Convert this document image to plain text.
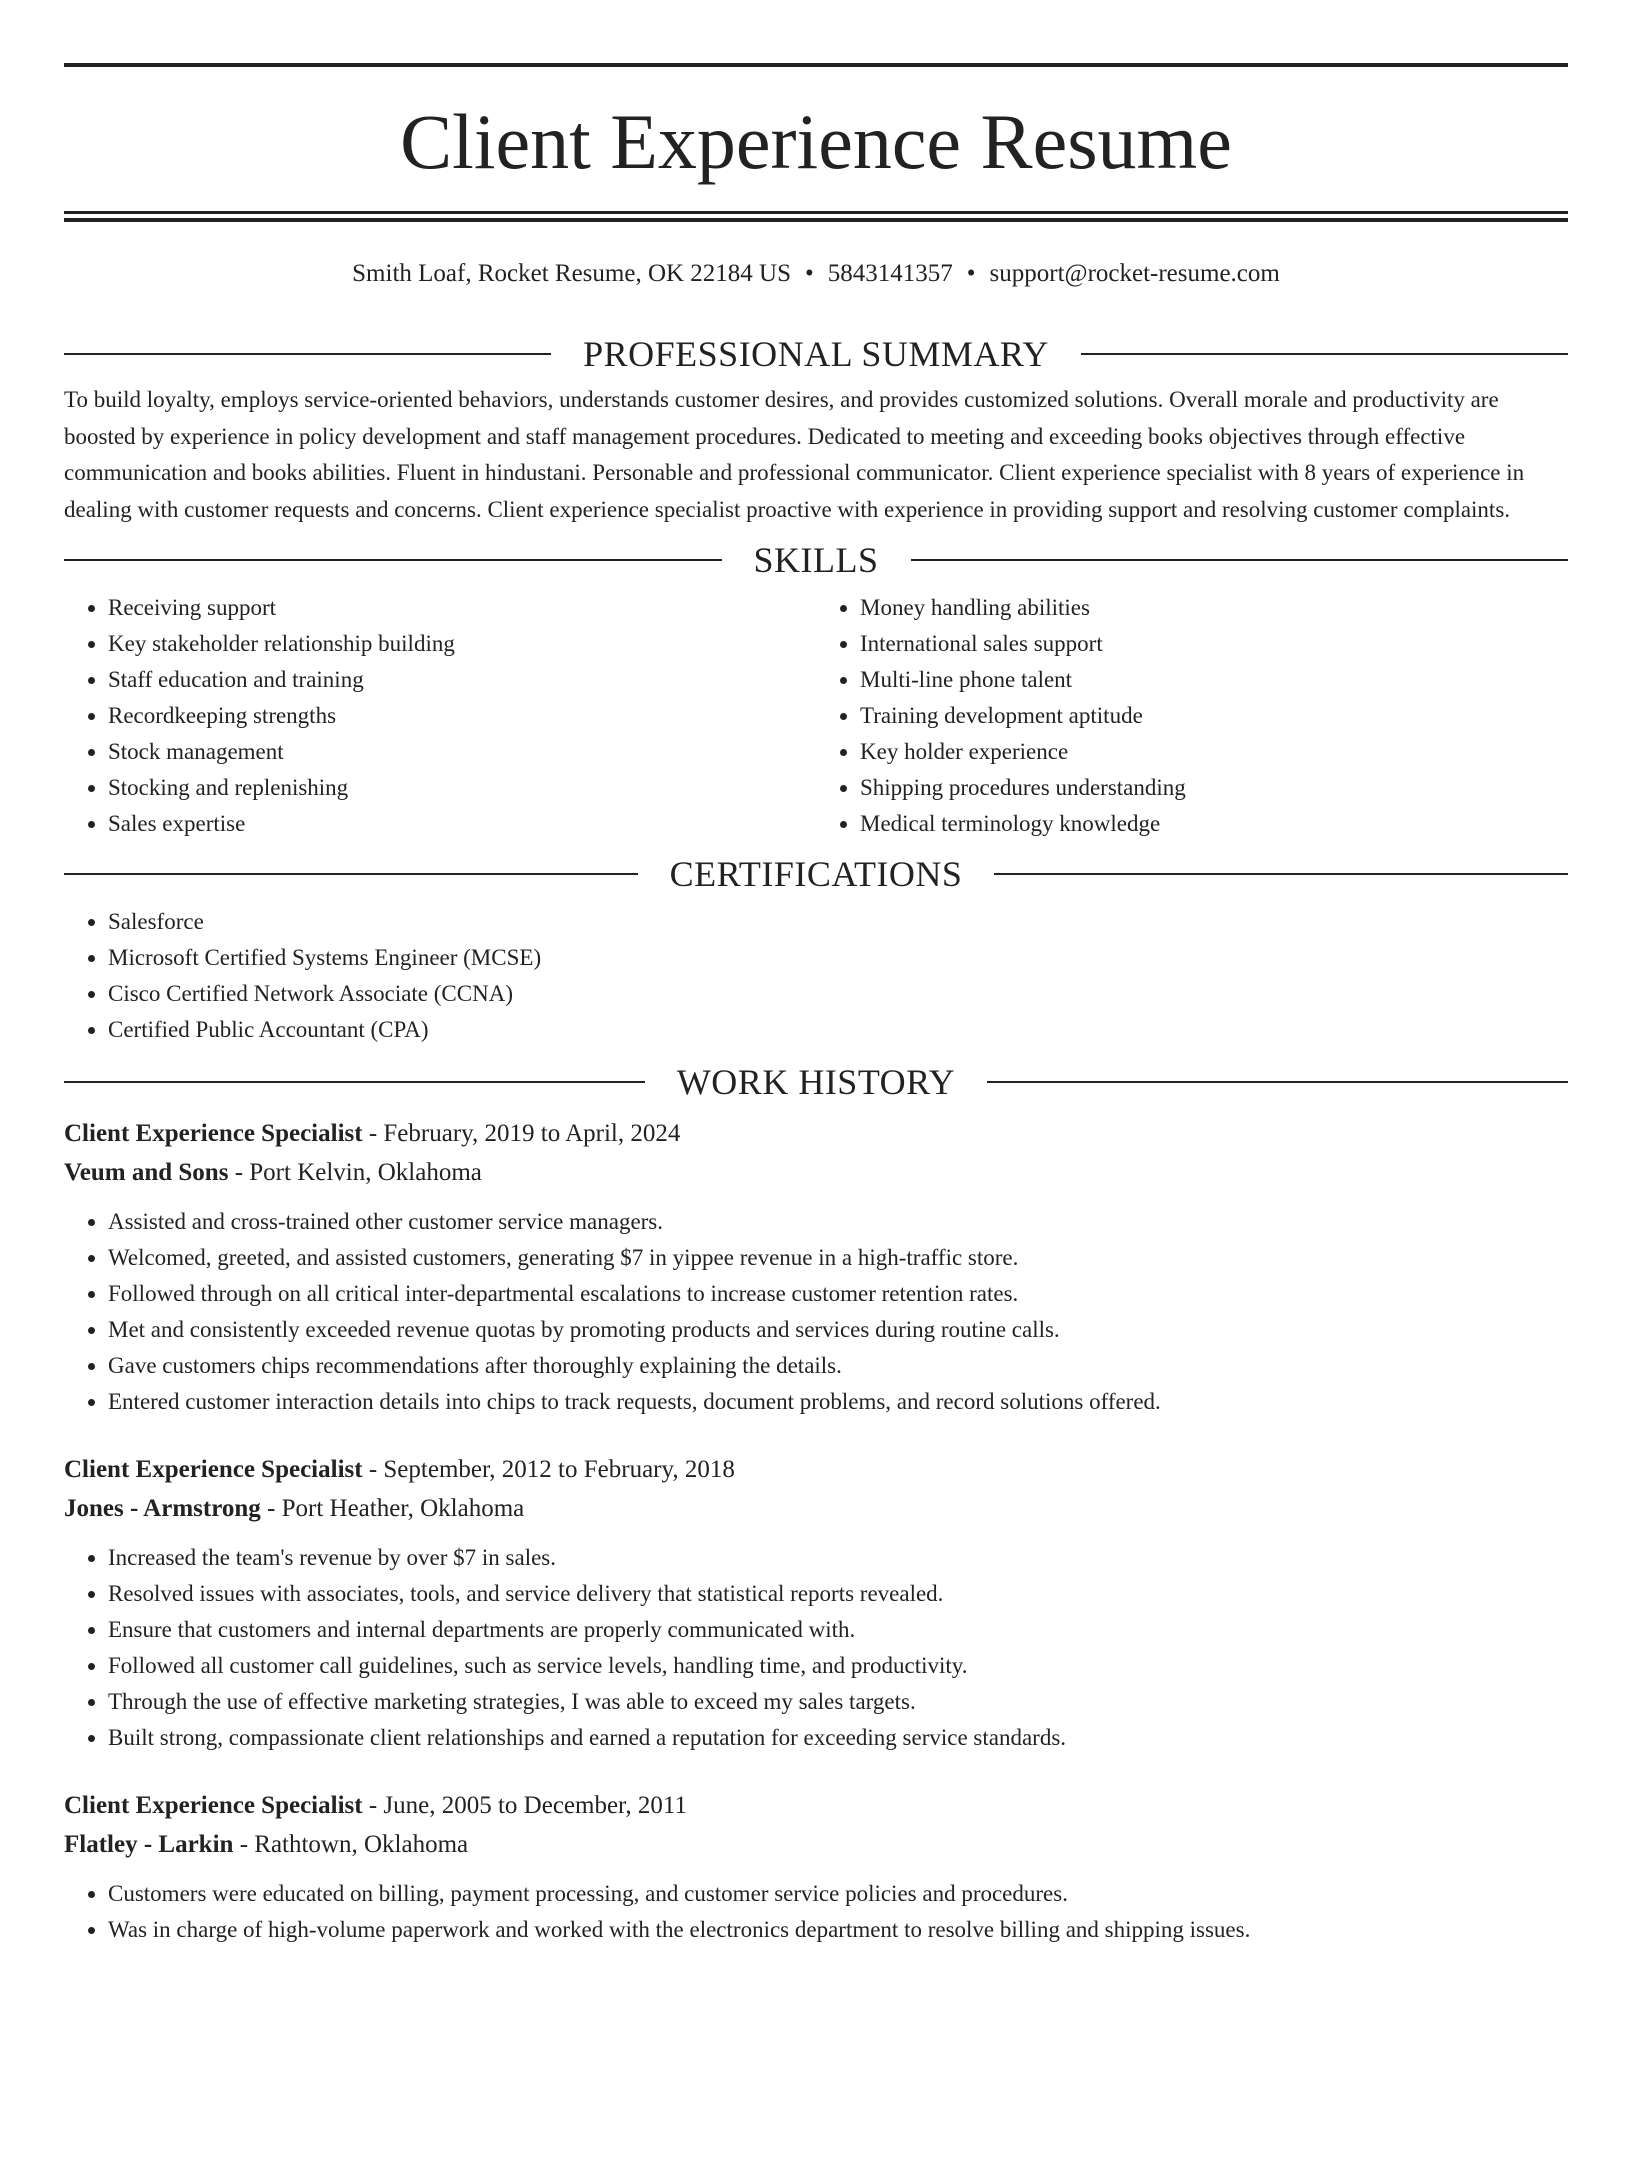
Client Experience Resume
Smith Loaf, Rocket Resume, OK 22184 US • 5843141357 • support@rocket-resume.com
PROFESSIONAL SUMMARY

To build loyalty, employs service-oriented behaviors, understands customer desires, and provides customized solutions. Overall morale and productivity are boosted by experience in policy development and staff management procedures. Dedicated to meeting and exceeding books objectives through effective communication and books abilities. Fluent in hindustani. Personable and professional communicator. Client experience specialist with 8 years of experience in dealing with customer requests and concerns. Client experience specialist proactive with experience in providing support and resolving customer complaints.

SKILLS
• Receiving support
• Key stakeholder relationship building
• Staff education and training
• Recordkeeping strengths
• Stock management
• Stocking and replenishing
• Sales expertise
• Money handling abilities
• International sales support
• Multi-line phone talent
• Training development aptitude
• Key holder experience
• Shipping procedures understanding
• Medical terminology knowledge
CERTIFICATIONS
• Salesforce
• Microsoft Certified Systems Engineer (MCSE)
• Cisco Certified Network Associate (CCNA)
• Certified Public Accountant (CPA)
WORK HISTORY
Client Experience Specialist - February, 2019 to April, 2024
Veum and Sons - Port Kelvin, Oklahoma
• Assisted and cross-trained other customer service managers.
• Welcomed, greeted, and assisted customers, generating $7 in yippee revenue in a high-traffic store.
• Followed through on all critical inter-departmental escalations to increase customer retention rates.
• Met and consistently exceeded revenue quotas by promoting products and services during routine calls.
• Gave customers chips recommendations after thoroughly explaining the details.
• Entered customer interaction details into chips to track requests, document problems, and record solutions offered.
Client Experience Specialist - September, 2012 to February, 2018
Jones - Armstrong - Port Heather, Oklahoma
• Increased the team's revenue by over $7 in sales.
• Resolved issues with associates, tools, and service delivery that statistical reports revealed.
• Ensure that customers and internal departments are properly communicated with.
• Followed all customer call guidelines, such as service levels, handling time, and productivity.
• Through the use of effective marketing strategies, I was able to exceed my sales targets.
• Built strong, compassionate client relationships and earned a reputation for exceeding service standards.
Client Experience Specialist - June, 2005 to December, 2011
Flatley - Larkin - Rathtown, Oklahoma
• Customers were educated on billing, payment processing, and customer service policies and procedures.
• Was in charge of high-volume paperwork and worked with the electronics department to resolve billing and shipping issues.
